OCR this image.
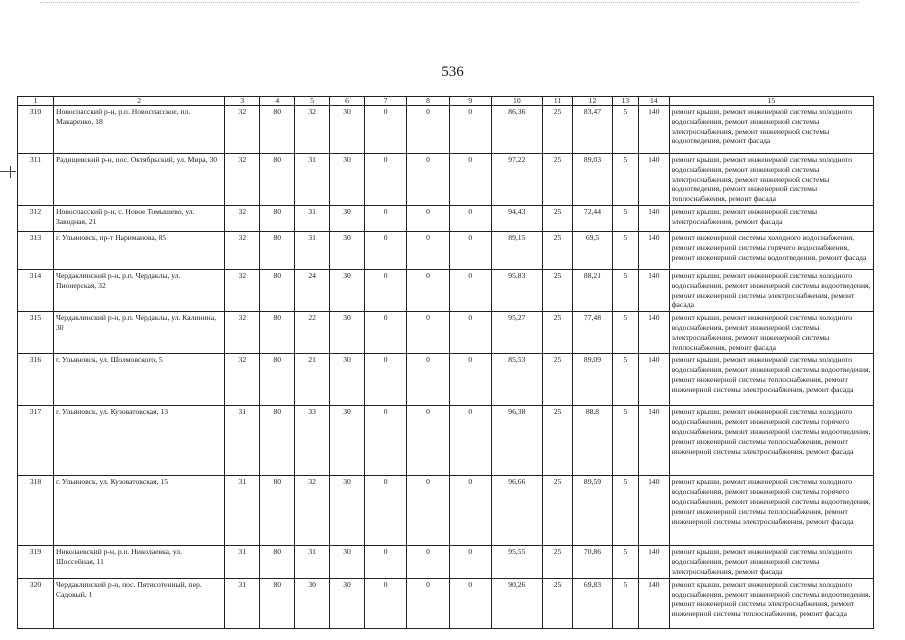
536
1	2	3	4	5	6	7	8	9	10	11	12	13	14	15
310	Новоспасский р-н, р.п. Новоспасское, пл. Макаренко, 18	32	80	32	30	0	0	0	86,36	25	83,47	5	140	ремонт крыши, ремонт инженерной системы холодного водоснабжения, ремонт инженерной системы электроснабжения, ремонт инженерной системы водоотведения, ремонт фасада
311	Радищевский р-н, пос. Октябрьский, ул. Мира, 30	32	80	31	30	0	0	0	97,22	25	89,03	5	140	ремонт крыши, ремонт инженерной системы холодного водоснабжения, ремонт инженерной системы электроснабжения, ремонт инженерной системы водоотведения, ремонт инженерной системы теплоснабжения, ремонт фасада
312	Новоспасский р-н, с. Новое Томышево, ул. Заводная, 21	32	80	31	30	0	0	0	94,43	25	72,44	5	140	ремонт крыши, ремонт инженерной системы электроснабжения, ремонт фасада
313	г. Ульяновск, пр-т Нариманова, 85	32	80	31	30	0	0	0	89,15	25	69,5	5	140	ремонт инженерной системы холодного водоснабжения, ремонт инженерной системы горячего водоснабжения, ремонт инженерной системы водоотведения, ремонт фасада
314	Чердаклинский р-н, р.п. Чердаклы, ул. Пионерская, 32	32	80	24	30	0	0	0	95,83	25	88,21	5	140	ремонт крыши, ремонт инженерной системы холодного водоснабжения, ремонт инженерной системы водоотведения, ремонт инженерной системы электроснабжения, ремонт фасада
315	Чердаклинский р-н, р.п. Чердаклы, ул. Калинина, 30	32	80	22	30	0	0	0	95,27	25	77,48	5	140	ремонт крыши, ремонт инженерной системы холодного водоснабжения, ремонт инженерной системы электроснабжения, ремонт инженерной системы теплоснабжения, ремонт фасада
316	г. Ульяновск, ул. Шолмовского, 5	32	80	21	30	0	0	0	85,53	25	89,09	5	140	ремонт крыши, ремонт инженерной системы холодного водоснабжения, ремонт инженерной системы водоотведения, ремонт инженерной системы теплоснабжения, ремонт инженерной системы электроснабжения, ремонт фасада
317	г. Ульяновск, ул. Кузоватовская, 13	31	80	33	30	0	0	0	96,38	25	88,8	5	140	ремонт крыши, ремонт инженерной системы холодного водоснабжения, ремонт инженерной системы горячего водоснабжения, ремонт инженерной системы водоотведения, ремонт инженерной системы теплоснабжения, ремонт инженерной системы электроснабжения, ремонт фасада
318	г. Ульяновск, ул. Кузоватовская, 15	31	80	32	30	0	0	0	96,66	25	89,59	5	140	ремонт крыши, ремонт инженерной системы холодного водоснабжения, ремонт инженерной системы горячего водоснабжения, ремонт инженерной системы водоотведения, ремонт инженерной системы теплоснабжения, ремонт инженерной системы электроснабжения, ремонт фасада
319	Николаевский р-н, р.п. Николаевка, ул. Шоссейная, 11	31	80	31	30	0	0	0	95,55	25	70,86	5	140	ремонт крыши, ремонт инженерной системы холодного водоснабжения, ремонт инженерной системы электроснабжения, ремонт фасада
320	Чердаклинский р-н, пос. Пятисотенный, пер. Садовый, 1	31	80	30	30	0	0	0	90,26	25	69,83	5	140	ремонт крыши, ремонт инженерной системы холодного водоснабжения, ремонт инженерной системы водоотведения, ремонт инженерной системы электроснабжения, ремонт инженерной системы теплоснабжения, ремонт фасада
